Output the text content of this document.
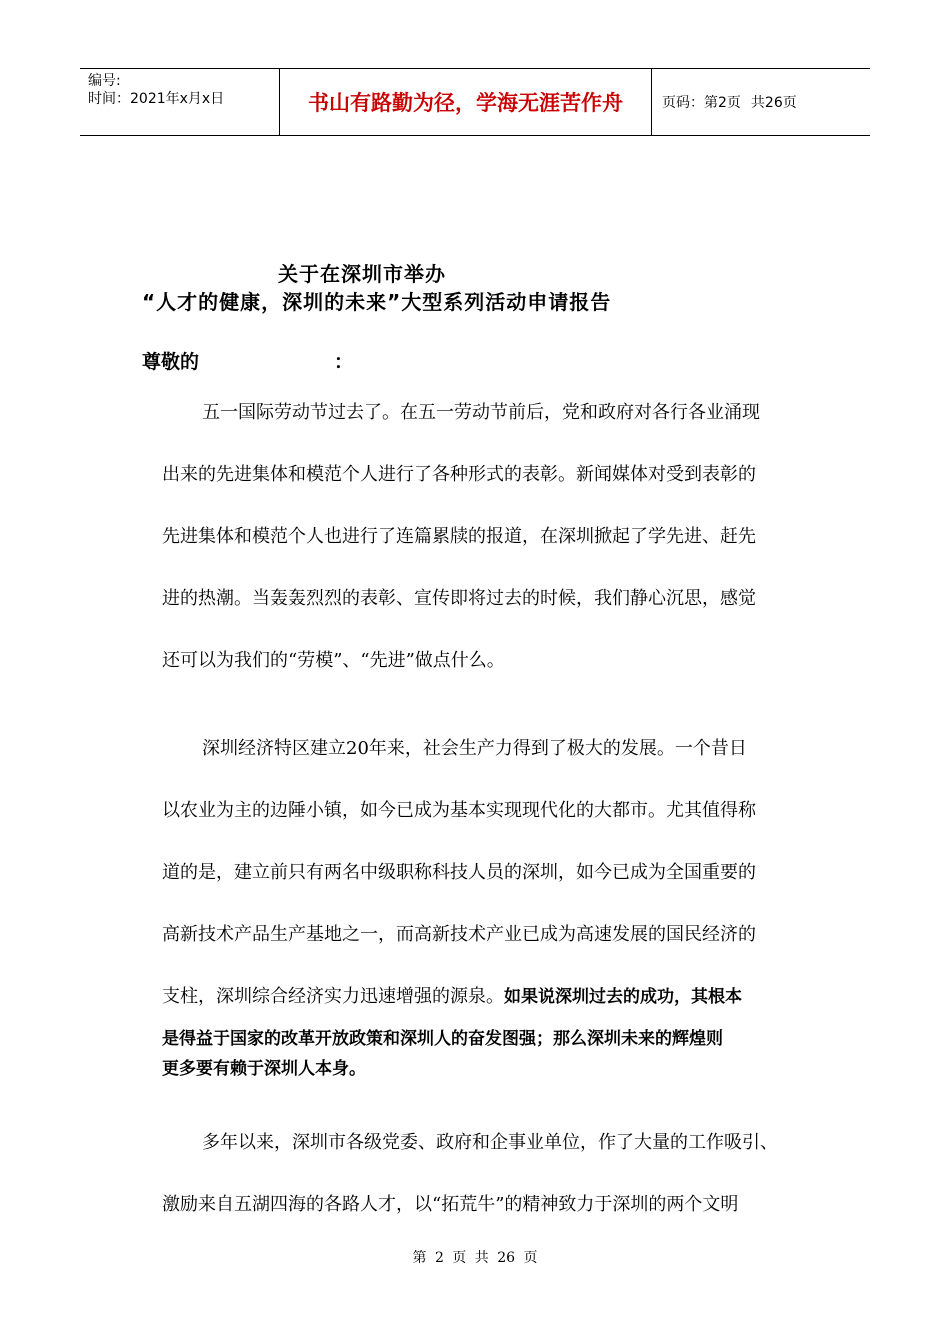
编号:
时间：2021年x月x日	书山有路勤为径，学海无涯苦作舟	页码：第2页 共26页
关于在深圳市举办
“人才的健康，深圳的未来”大型系列活动申请报告
尊敬的	：
五一国际劳动节过去了。在五一劳动节前后，党和政府对各行各业涌现
出来的先进集体和模范个人进行了各种形式的表彰。新闻媒体对受到表彰的
先进集体和模范个人也进行了连篇累牍的报道，在深圳掀起了学先进、赶先
进的热潮。当轰轰烈烈的表彰、宣传即将过去的时候，我们静心沉思，感觉
还可以为我们的“劳模”、“先进”做点什么。
深圳经济特区建立20年来，社会生产力得到了极大的发展。一个昔日
以农业为主的边陲小镇，如今已成为基本实现现代化的大都市。尤其值得称
道的是，建立前只有两名中级职称科技人员的深圳，如今已成为全国重要的
高新技术产品生产基地之一，而高新技术产业已成为高速发展的国民经济的
支柱，深圳综合经济实力迅速增强的源泉。如果说深圳过去的成功，其根本
是得益于国家的改革开放政策和深圳人的奋发图强；那么深圳未来的辉煌则
更多要有赖于深圳人本身。
多年以来，深圳市各级党委、政府和企事业单位，作了大量的工作吸引、
激励来自五湖四海的各路人才，以“拓荒牛”的精神致力于深圳的两个文明
第 2 页 共 26 页
